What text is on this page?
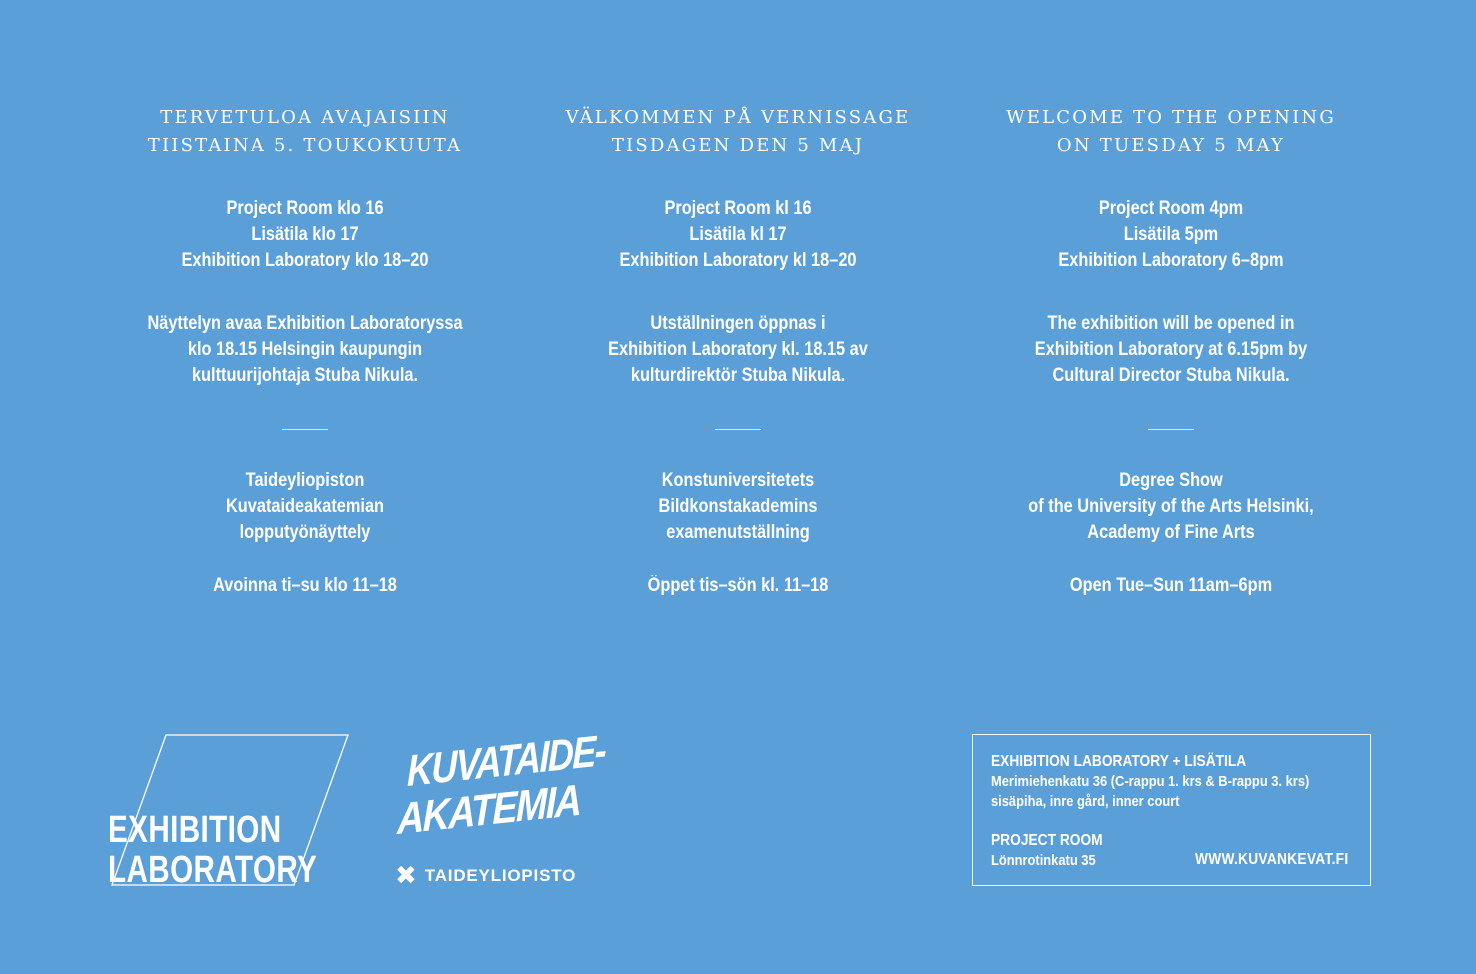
TERVETULOA AVAJAISIIN
TIISTAINA 5. TOUKOKUUTA
Project Room klo 16
Lisätila klo 17
Exhibition Laboratory klo 18–20
Näyttelyn avaa Exhibition Laboratoryssa
klo 18.15 Helsingin kaupungin
kulttuurijohtaja Stuba Nikula.
Taideyliopiston
Kuvataideakatemian
lopputyönäyttely
Avoinna ti–su klo 11–18
VÄLKOMMEN PÅ VERNISSAGE
TISDAGEN DEN 5 MAJ
Project Room kl 16
Lisätila kl 17
Exhibition Laboratory kl 18–20
Utställningen öppnas i
Exhibition Laboratory kl. 18.15 av
kulturdirektör Stuba Nikula.
Konstuniversitetets
Bildkonstakademins
examenutställning
Öppet tis–sön kl. 11–18
WELCOME TO THE OPENING
ON TUESDAY 5 MAY
Project Room 4pm
Lisätila 5pm
Exhibition Laboratory 6–8pm
The exhibition will be opened in
Exhibition Laboratory at 6.15pm by
Cultural Director Stuba Nikula.
Degree Show
of the University of the Arts Helsinki,
Academy of Fine Arts
Open Tue–Sun 11am–6pm
EXHIBITION
LABORATORY
KUVATAIDE-
AKATEMIA
✖ TAIDEYLIOPISTO
EXHIBITION LABORATORY + LISÄTILA
Merimiehenkatu 36 (C-rappu 1. krs & B-rappu 3. krs)
sisäpiha, inre gård, inner court
PROJECT ROOM
Lönnrotinkatu 35	WWW.KUVANKEVAT.FI
